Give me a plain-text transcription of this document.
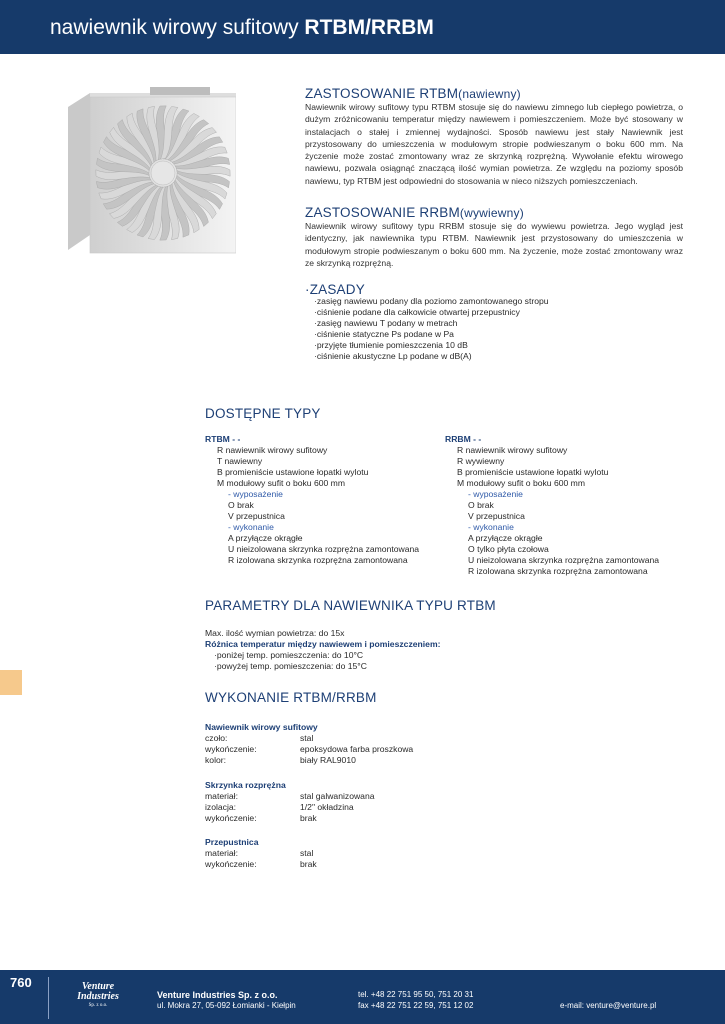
nawiewnik wirowy sufitowy RTBM/RRBM
ZASTOSOWANIE RTBM(nawiewny)
Nawiewnik wirowy sufitowy typu RTBM stosuje się do nawiewu zimnego lub ciepłego powietrza, o dużym zróżnicowaniu temperatur między nawiewem i pomieszczeniem. Może być stosowany w instalacjach o stałej i zmiennej wydajności. Sposób nawiewu jest stały Nawiewnik jest przystosowany do umieszczenia w modułowym stropie podwieszanym o boku 600 mm. Na życzenie może zostać zmontowany wraz ze skrzynką rozprężną. Wywołanie efektu wirowego nawiewu, pozwala osiągnąć znaczącą ilość wymian powietrza. Ze względu na poziomy sposób nawiewu, typ RTBM jest odpowiedni do stosowania w nieco niższych pomieszczeniach.
ZASTOSOWANIE RRBM(wywiewny)
Nawiewnik wirowy sufitowy typu RRBM stosuje się do wywiewu powietrza. Jego wygląd jest identyczny, jak nawiewnika typu RTBM. Nawiewnik jest przystosowany do umieszczenia w modułowym stropie podwieszanym o boku 600 mm. Na życzenie, może zostać zmontowany wraz ze skrzynką rozprężną.
·ZASADY
·zasięg nawiewu podany dla poziomo zamontowanego stropu
·ciśnienie podane dla całkowicie otwartej przepustnicy
·zasięg nawiewu T podany w metrach
·ciśnienie statyczne Ps podane w Pa
·przyjęte tłumienie pomieszczenia 10 dB
·ciśnienie akustyczne Lp podane w dB(A)
DOSTĘPNE TYPY
RTBM - -
R nawiewnik wirowy sufitowy
T nawiewny
B promieniście ustawione łopatki wylotu
M modułowy sufit o boku 600 mm
- wyposażenie
O brak
V przepustnica
- wykonanie
A przyłącze okrągłe
U nieizolowana skrzynka rozprężna zamontowana
R izolowana skrzynka rozprężna zamontowana
RRBM - -
R nawiewnik wirowy sufitowy
R wywiewny
B promieniście ustawione łopatki wylotu
M modułowy sufit o boku 600 mm
- wyposażenie
O brak
V przepustnica
- wykonanie
A przyłącze okrągłe
O tylko płyta czołowa
U nieizolowana skrzynka rozprężna zamontowana
R izolowana skrzynka rozprężna zamontowana
PARAMETRY DLA NAWIEWNIKA TYPU RTBM
Max. ilość wymian powietrza: do 15x
Różnica temperatur między nawiewem i pomieszczeniem:
·poniżej temp. pomieszczenia: do 10°C
·powyżej temp. pomieszczenia: do 15°C
WYKONANIE RTBM/RRBM
Nawiewnik wirowy sufitowy
czoło:	stal
wykończenie:	epoksydowa farba proszkowa
kolor:	biały RAL9010
Skrzynka rozprężna
materiał:	stal galwanizowana
izolacja:	1/2" okładzina
wykończenie:	brak
Przepustnica
materiał:	stal
wykończenie:	brak
760	Venture
Industries
Sp. z o.o.
Venture Industries Sp. z o.o.
ul. Mokra 27, 05-092 Łomianki - Kiełpin
tel. +48 22 751 95 50, 751 20 31
fax +48 22 751 22 59, 751 12 02	e-mail: venture@venture.pl
